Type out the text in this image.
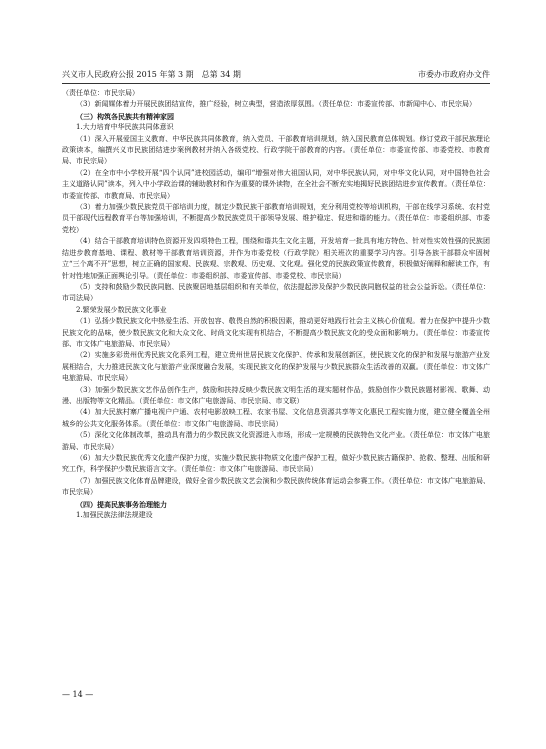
兴义市人民政府公报 2015 年第 3 期　总第 34 期	市委办市政府办文件

（责任单位：市民宗局）

（3）新闻媒体着力开展民族团结宣传，推广经验，树立典型，营造浓厚氛围。（责任单位：市委宣传部、市新闻中心、市民宗局）

（三）构筑各民族共有精神家园

1.大力培育中华民族共同体意识

（1）深入开展爱国主义教育、中华民族共同体教育，纳入党员、干部教育培训规划，纳入国民教育总体规划。修订党政干部民族理论政策读本，编撰兴义市民族团结进步案例教材并纳入各级党校、行政学院干部教育的内容。（责任单位：市委宣传部、市委党校、市教育局、市民宗局）

（2）在全市中小学校开展“四个认同”进校园活动，编印“增强对伟大祖国认同，对中华民族认同，对中华文化认同，对中国特色社会主义道路认同”读本，列入中小学政治课的辅助教材和作为重要的课外读物，在全社会不断充实地揭好民族团结进步宣传教育。（责任单位：市委宣传部、市教育局、市民宗局）

（3）着力加强少数民族党员干部培训力度，制定少数民族干部教育培训规划，充分利用党校等培训机构，干部在线学习系统、农村党员干部现代远程教育平台等加强培训，不断提高少数民族党员干部领导发展、维护稳定、促进和谐的能力。（责任单位：市委组织部、市委党校）

（4）结合干部教育培训特色资源开发四项特色工程，围绕和谐共生文化主题，开发培育一批具有地方特色、针对性实效性强的民族团结进步教育基地、课程、教材等干部教育培训资源，并作为市委党校（行政学院）相关班次的重要学习内容。引导各族干部群众牢固树立“三个离不开”思想，树立正确的国家观、民族观、宗教观、历史观、文化观。强化党的民族政策宣传教育，积极做好阐释和解读工作，有针对性地加强正面舆论引导。（责任单位：市委组织部、市委宣传部、市委党校、市民宗局）

（5）支持和鼓励少数民族同胞、民族聚居地基层组织和有关单位，依法提起涉及保护少数民族同胞权益的社会公益诉讼。（责任单位：市司法局）

2.繁荣发展少数民族文化事业

（1）弘扬少数民族文化中热爱生活、开放包容、敬畏自然的积极因素，推动更好地践行社会主义核心价值观。着力在保护中提升少数民族文化的品味，使少数民族文化和大众文化、时尚文化实现有机结合，不断提高少数民族文化的受众面和影响力。（责任单位：市委宣传部、市文体广电旅游局、市民宗局）

（2）实施多彩贵州优秀民族文化系列工程，建立贵州世居民族文化保护、传承和发展创新区，使民族文化的保护和发展与旅游产业发展相结合，大力推进民族文化与旅游产业深度融合发展，实现民族文化的保护发展与少数民族群众生活改善的双赢。（责任单位：市文体广电旅游局、市民宗局）

（3）加强少数民族文艺作品创作生产，鼓励和扶持反映少数民族文明生活的现实题材作品，鼓励创作少数民族题材影视、歌舞、动漫、出版物等文化精品。（责任单位：市文体广电旅游局、市民宗局、市文联）

（4）加大民族村寨广播电视户户通、农村电影放映工程、农家书屋、文化信息资源共享等文化惠民工程实施力度，建立健全覆盖全州城乡的公共文化服务体系。（责任单位：市文体广电旅游局、市民宗局）

（5）深化文化体制改革，推动具有潜力的少数民族文化资源进入市场，形成一定规模的民族特色文化产业。（责任单位：市文体广电旅游局、市民宗局）

（6）加大少数民族优秀文化遗产保护力度，实施少数民族非物质文化遗产保护工程，做好少数民族古籍保护、抢救、整理、出版和研究工作，科学保护少数民族语言文字。（责任单位：市文体广电旅游局、市民宗局）

（7）加强民族文化体育品牌建设，做好全省少数民族文艺会演和少数民族传统体育运动会参赛工作。（责任单位：市文体广电旅游局、市民宗局）

（四）提高民族事务治理能力

1.加强民族法律法规建设

— 14 —
